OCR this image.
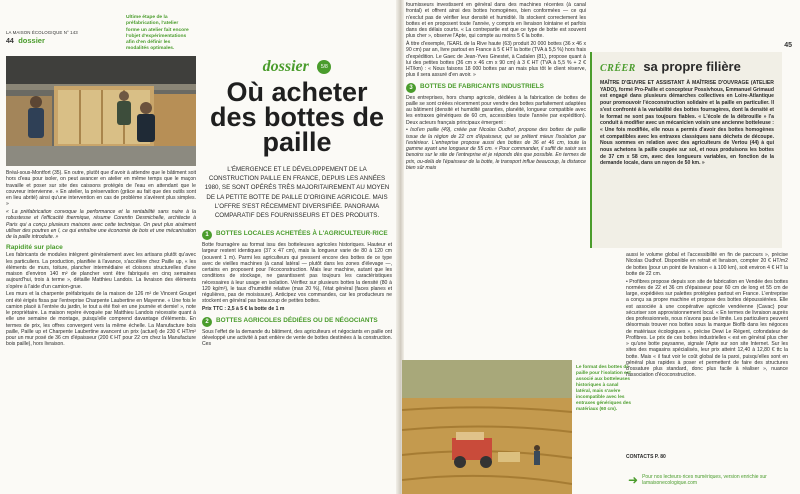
LA MAISON ÉCOLOGIQUE N° 143
44 dossier
Ultime étape de la préfabrication, l'atelier forme un atelier fait encore l'objet d'expérimentations afin d'en définir les modalités optimales.

Bréal-sous-Montfort (35). En outre, plutôt que d'avoir à attendre que le bâtiment soit hors d'eau pour isoler, on peut avancer en atelier en même temps que le maçon travaille et poser sur site des caissons protégés de l'eau en attendant que le couvreur intervienne. « En atelier, la préservation (grâce au fait que des outils sont en lieu abrité) ainsi qu'une intervention en cas de problème s'avèrent plus simples. »

« La préfabrication convoque la performance et la rentabilité sans nuire à la robustesse et l'efficacité thermique, résume Corentin Desmichelle, architecte à Paris qui a conçu plusieurs maisons avec cette technique. On peut plus aisément utiliser des poutres en I, ce qui entraîne une économie de bois et une mécanisation de la paille introduite. »

Rapidité sur place

Les fabricants de modules intègrent généralement avec les artisans plutôt qu'avec les particuliers. La production, planifiée à l'avance, s'accélère chez Paille up, « les éléments de murs, toiture, plancher intermédiaire et cloisons structurelles d'une maison d'environ 140 m² de plancher vont être fabriqués en cinq semaines aujourd'hui, trois à terme », détaille Matthieu Landois. La livraison des éléments s'opère à l'aide d'un camion-grue.

Les murs et la charpente préfabriqués de la maison de 126 m² de Vincent Gouget ont été érigés fissa par l'entreprise Charpente Laubertine en Mayenne. « Une fois le camion placé à l'entrée du jardin, le tout a été fixé en une journée et demie! », note le propriétaire. La maison repère évoquée par Matthieu Landois nécessite quant à elle une semaine de montage, puisqu'elle comprend davantage d'éléments. En termes de prix, les offres convergent vers la même échelle. La Manufacture bois paille, Paille up et Charpente Laubertine avancent un prix (actuel) de 230 € HT/m² pour un mur posé de 36 cm d'épaisseur (200 € HT pour 22 cm chez la Manufacture bois paille), hors livraison.

dossier 5/8
Où acheter des bottes de paille
L'ÉMERGENCE ET LE DÉVELOPPEMENT DE LA CONSTRUCTION PAILLE EN FRANCE, DEPUIS LES ANNÉES 1980, SE SONT OPÉRÉS TRÈS MAJORITAIREMENT AU MOYEN DE LA PETITE BOTTE DE PAILLE D'ORIGINE AGRICOLE. MAIS L'OFFRE S'EST RÉCEMMENT DIVERSIFIÉE. PANORAMA COMPARATIF DES FOURNISSEURS ET DES PRODUITS.
1	BOTTES LOCALES ACHETÉES À L'AGRICULTEUR·RICE
Botte fourragère au format issu des botteleuses agricoles historiques. Hauteur et largeur restent identiques (37 x 47 cm), mais la longueur varie de 80 à 120 cm (souvent 1 m). Parmi les agriculteurs qui pressent encore des bottes de ce type avec de vieilles machines (à canal latéral — plutôt dans les zones d'élevage —, certains en proposent pour l'écoconstruction. Mais leur machine, autant que les conditions de stockage, ne garantissent pas toujours les caractéristiques nécessaires à leur usage en isolation. Vérifiez sur plusieurs bottes la densité (80 à 120 kg/m³), le taux d'humidité relative (max 20 %), l'état général (faces planes et régulières, pas de moisissure). Anticipez vos commandes, car les producteurs ne stockent en général pas beaucoup de petites bottes.
Prix TTC : 2,5 à 5 € la botte de 1 m
2	BOTTES AGRICOLES DÉDIÉES OU DE NÉGOCIANTS
Sous l'effet de la demande du bâtiment, des agriculteurs et négociants en paille ont développé une activité à part entière de vente de bottes destinées à la construction. Ces
45

fournisseurs investissent en général dans des machines récentes (à canal frontal) et offrent ainsi des bottes homogènes, bien conformées — ce qui n'exclut pas de vérifier leur densité et humidité. Ils stockent correctement les bottes et en proposent toute l'année, y compris en livraison lointaine et parfois dans des délais courts. « La contrepartie est que ce type de botte est souvent plus cher », observe l'Apte, qui compte au moins 5 € la botte.

À titre d'exemple, l'EARL de la Rive haute (63) produit 20 000 bottes (36 x 46 x 90 cm) par an, livre partout en France à 5 € HT la botte (TVA à 5,5 %) hors frais d'expédition. Le Gaec de Jean-Yves Ginestet, à Cadalen (81), propose quant à lui des petites bottes (36 cm x 46 cm x 90 cm) à 3 € HT (TVA à 5,5 % + 2 € HT/km) : « Nous faisons 18 000 bottes par an mais plus tôt le client réserve, plus il sera assuré d'en avoir. »

3	BOTTES DE FABRICANTS INDUSTRIELS

Des entreprises, hors champ agricole, dédiées à la fabrication de bottes de paille se sont créées récemment pour vendre des bottes parfaitement adaptées au bâtiment (densité et humidité garanties, planéité, longueur compatible avec les entraxes génériques de 60 cm, accessibles toute l'année par expédition). Deux acteurs français principaux émergent :

• Isol'en paille (49), créée par Nicolas Oudhof, propose des bottes de paille issue de la région de 22 cm d'épaisseur, qui se prêtent mieux l'isolation par l'extérieur. L'entreprise propose aussi des bottes de 36 et 46 cm, toute la gamme ayant une longueur de 55 cm. « Pour commander, il suffit de saisir ses besoins sur le site de l'entreprise et je réponds dès que possible. En termes de prix, ou-delà de l'épaisseur de la botte, le transport influe beaucoup, la distance bien sûr mais

Le format des bottes de paille pour l'isolation est associé aux botteleuses historiques à canal latéral, mais s'avère incompatible avec les entraxes génériques des matériaux (60 cm).
CRÉER sa propre filière
MAÎTRE D'ŒUVRE ET ASSISTANT À MAÎTRISE D'OUVRAGE (ATELIER YADO), formé Pro-Paille et concepteur Possivhous, Emmanuel Grimaud est engagé dans plusieurs démarches collectives en Loire-Atlantique pour promouvoir l'écoconstruction solidaire et la paille en particulier. Il s'est confronté à la variabilité des bottes fourragères, dont la densité et le format ne sont pas toujours fiables. « L'école de la débrouille » l'a conduit à modifier avec un mécanicien voisin une ancienne botteleuse : « Une fois modifiée, elle nous a permis d'avoir des bottes homogènes et compatibles avec les entraxes classiques sans déchets de découpe. Nous sommes en relation avec des agriculteurs de Vertou (44) à qui nous achetons la paille coupée sur sol, et nous produisons les bottes de 37 cm x 58 cm, avec des longueurs variables, en fonction de la demande locale, dans un rayon de 50 km. »

aussi le volume global et l'accessibilité en fin de parcours », précise Nicolas Oudhof. Disponible en retrait et livraison, compter 20 € HT/m2 de bottes (pour un point de livraison « à 100 km), soit environ 4 € HT la botte de 22 cm.

• Profibres propose depuis son site de fabrication en Vendée des bottes normées de 22 et 36 cm d'épaisseur pour 60 cm de long et 55 cm de large, expédiées sur palettes protégées partout en France. L'entreprise a conçu sa propre machine et propose des bottes dépoussiérées. Elle est associée à une coopérative agricole vendéenne (Cavac) pour sécuriser son approvisionnement local. « En termes de livraison auprès des professionnels, nous n'avons pas de limite. Les particuliers peuvent désormais trouver nos bottes sous la marque Bioflb dans les négoces de matériaux écologiques », précise Dewi Le Régent, cofondateur de Profibres. Le prix de ces bottes industrielles « est en général plus cher » qu'une botte paysanne, signale l'Apte sur son site Internet. Sur les sites des magasins spécialisés, leur prix atteint 12,40 à 12,80 € ttc la botte. Mais « il faut voir le coût global de la paroi, puisqu'elles sont en général plus rapides à poser et permettent de faire des structures d'ossature plus standard, donc plus facile à réaliser », nuance l'association d'écoconstruction.

CONTACTS P. 80
➜ Pour nos lecteurs·rices numériques, version enrichie sur lamaisonecologique.com
